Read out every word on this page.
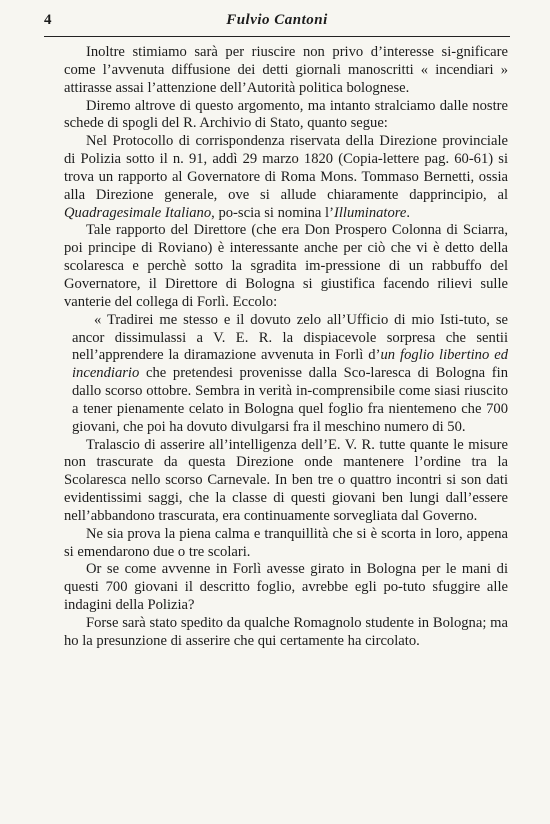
4	Fulvio Cantoni

Inoltre stimiamo sarà per riuscire non privo d’interesse si-gnificare come l’avvenuta diffusione dei detti giornali manoscritti « incendiari » attirasse assai l’attenzione dell’Autorità politica bolognese.

Diremo altrove di questo argomento, ma intanto stralciamo dalle nostre schede di spogli del R. Archivio di Stato, quanto segue:

Nel Protocollo di corrispondenza riservata della Direzione provinciale di Polizia sotto il n. 91, addì 29 marzo 1820 (Copia-lettere pag. 60-61) si trova un rapporto al Governatore di Roma Mons. Tommaso Bernetti, ossia alla Direzione generale, ove si allude chiaramente dapprincipio, al Quadragesimale Italiano, po-scia si nomina l’Illuminatore.

Tale rapporto del Direttore (che era Don Prospero Colonna di Sciarra, poi principe di Roviano) è interessante anche per ciò che vi è detto della scolaresca e perchè sotto la sgradita im-pressione di un rabbuffo del Governatore, il Direttore di Bologna si giustifica facendo rilievi sulle vanterie del collega di Forlì. Eccolo:

« Tradirei me stesso e il dovuto zelo all’Ufficio di mio Isti-tuto, se ancor dissimulassi a V. E. R. la dispiacevole sorpresa che sentii nell’apprendere la diramazione avvenuta in Forlì d’un foglio libertino ed incendiario che pretendesi provenisse dalla Sco-laresca di Bologna fin dallo scorso ottobre. Sembra in verità in-comprensibile come siasi riuscito a tener pienamente celato in Bologna quel foglio fra nientemeno che 700 giovani, che poi ha dovuto divulgarsi fra il meschino numero di 50.

Tralascio di asserire all’intelligenza dell’E. V. R. tutte quante le misure non trascurate da questa Direzione onde mantenere l’ordine tra la Scolaresca nello scorso Carnevale. In ben tre o quattro incontri si son dati evidentissimi saggi, che la classe di questi giovani ben lungi dall’essere nell’abbandono trascurata, era continuamente sorvegliata dal Governo.

Ne sia prova la piena calma e tranquillità che si è scorta in loro, appena si emendarono due o tre scolari.

Or se come avvenne in Forlì avesse girato in Bologna per le mani di questi 700 giovani il descritto foglio, avrebbe egli po-tuto sfuggire alle indagini della Polizia?

Forse sarà stato spedito da qualche Romagnolo studente in Bologna; ma ho la presunzione di asserire che qui certamente ha circolato.
